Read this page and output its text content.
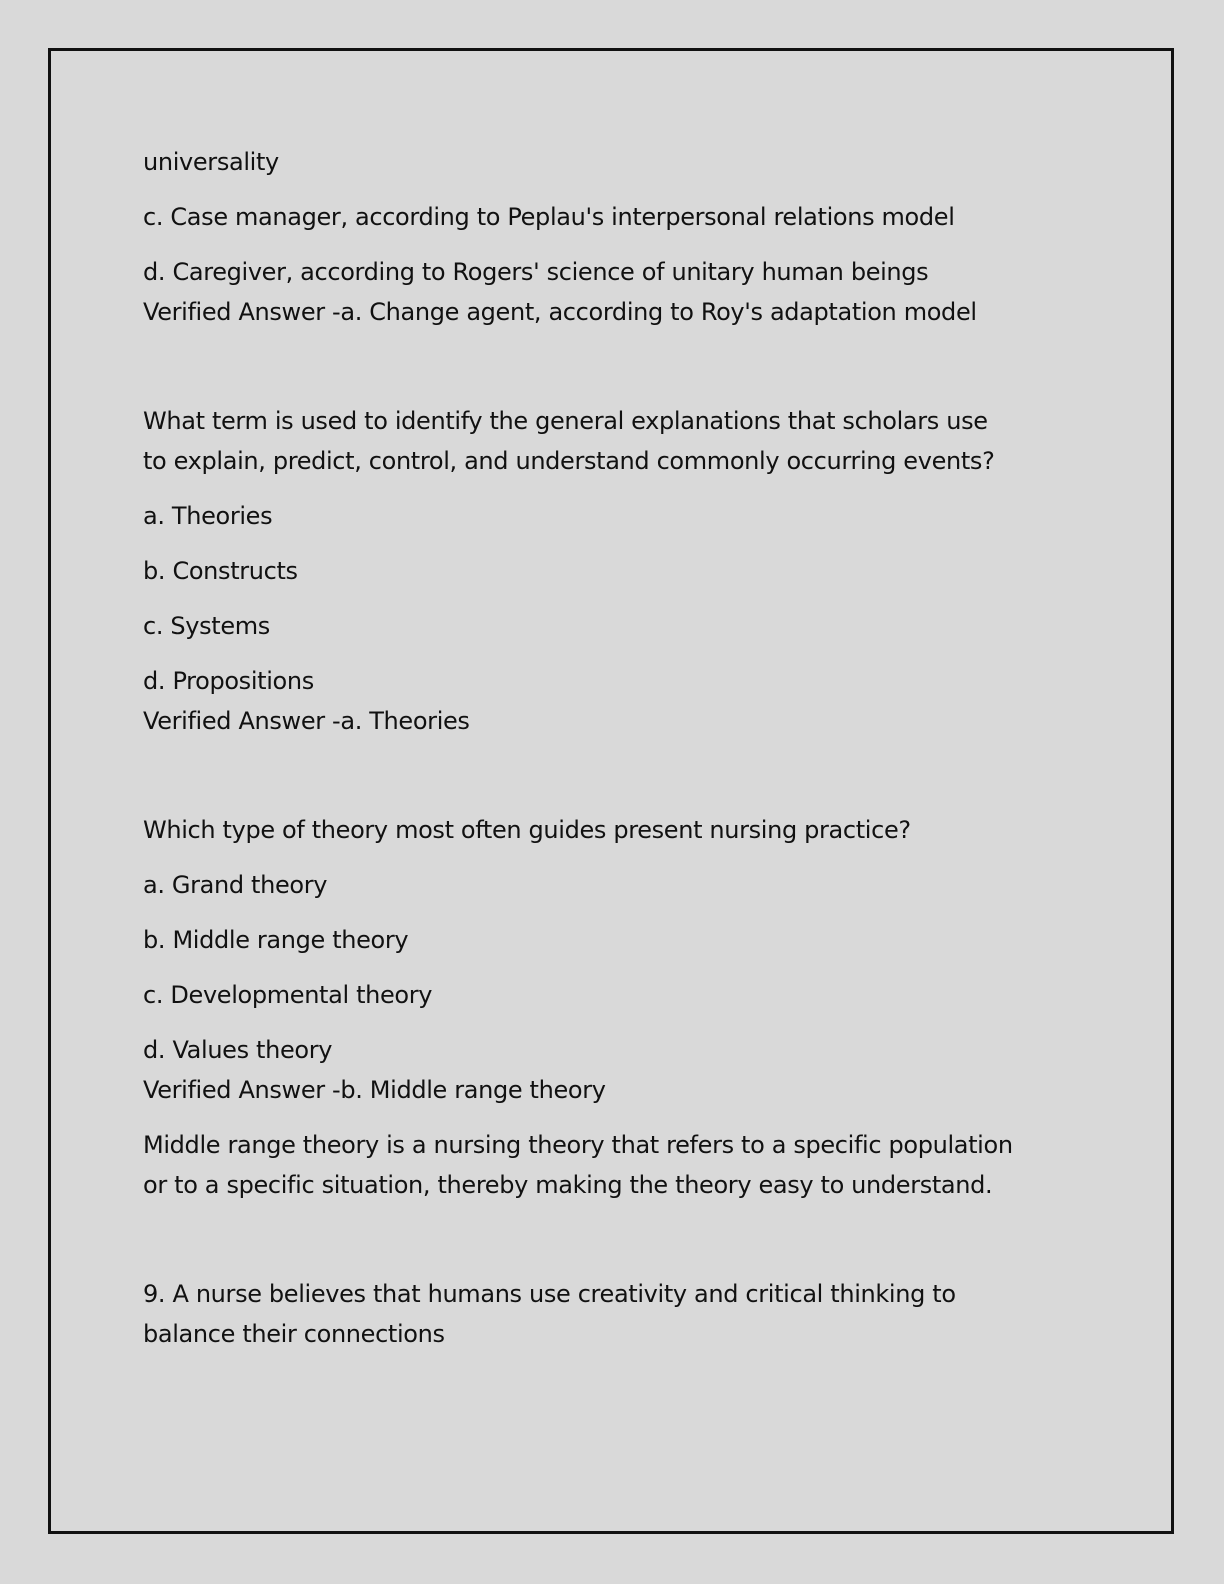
universality

c. Case manager, according to Peplau's interpersonal relations model

d. Caregiver, according to Rogers' science of unitary human beings

Verified Answer -a. Change agent, according to Roy's adaptation model

What term is used to identify the general explanations that scholars use

to explain, predict, control, and understand commonly occurring events?

a. Theories

b. Constructs

c. Systems

d. Propositions

Verified Answer -a. Theories

Which type of theory most often guides present nursing practice?

a. Grand theory

b. Middle range theory

c. Developmental theory

d. Values theory

Verified Answer -b. Middle range theory

Middle range theory is a nursing theory that refers to a specific population

or to a specific situation, thereby making the theory easy to understand.

9. A nurse believes that humans use creativity and critical thinking to

balance their connections
